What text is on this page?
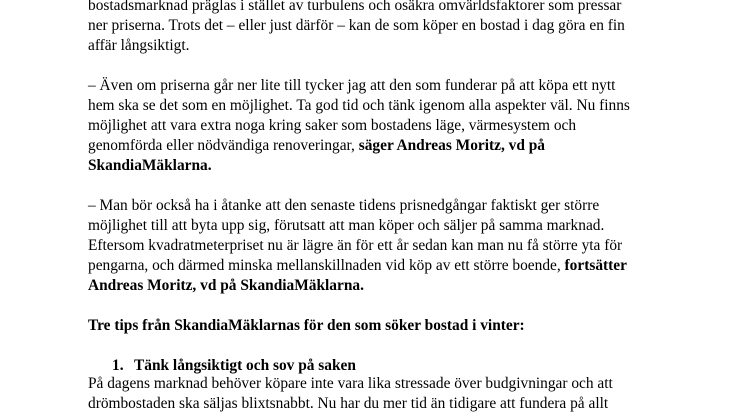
bostadsmarknad präglas i stället av turbulens och osäkra omvärldsfaktorer som pressar
ner priserna. Trots det – eller just därför – kan de som köper en bostad i dag göra en fin
affär långsiktigt.
– Även om priserna går ner lite till tycker jag att den som funderar på att köpa ett nytt
hem ska se det som en möjlighet. Ta god tid och tänk igenom alla aspekter väl. Nu finns
möjlighet att vara extra noga kring saker som bostadens läge, värmesystem och
genomförda eller nödvändiga renoveringar, säger Andreas Moritz, vd på
SkandiaMäklarna.
– Man bör också ha i åtanke att den senaste tidens prisnedgångar faktiskt ger större
möjlighet till att byta upp sig, förutsatt att man köper och säljer på samma marknad.
Eftersom kvadratmeterpriset nu är lägre än för ett år sedan kan man nu få större yta för
pengarna, och därmed minska mellanskillnaden vid köp av ett större boende, fortsätter
Andreas Moritz, vd på SkandiaMäklarna.
Tre tips från SkandiaMäklarnas för den som söker bostad i vinter:
1. Tänk långsiktigt och sov på saken
På dagens marknad behöver köpare inte vara lika stressade över budgivningar och att
drömbostaden ska säljas blixtsnabbt. Nu har du mer tid än tidigare att fundera på allt
